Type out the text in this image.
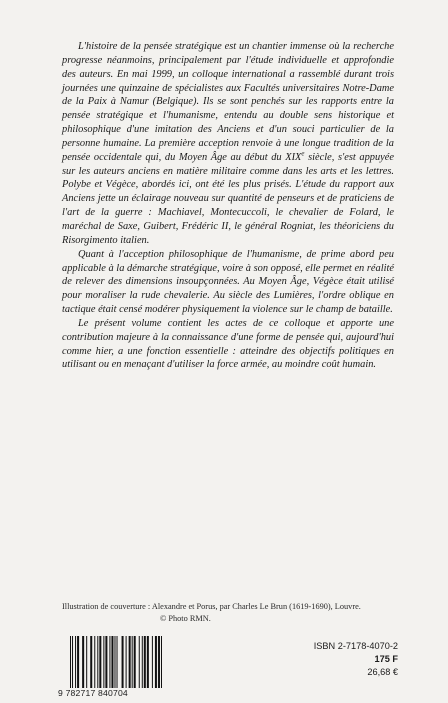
L'histoire de la pensée stratégique est un chantier immense où la recherche progresse néanmoins, principalement par l'étude individuelle et approfondie des auteurs. En mai 1999, un colloque international a rassemblé durant trois journées une quinzaine de spécialistes aux Facultés universitaires Notre-Dame de la Paix à Namur (Belgique). Ils se sont penchés sur les rapports entre la pensée stratégique et l'humanisme, entendu au double sens historique et philosophique d'une imitation des Anciens et d'un souci particulier de la personne humaine. La première acception renvoie à une longue tradition de la pensée occidentale qui, du Moyen Âge au début du XIXe siècle, s'est appuyée sur les auteurs anciens en matière militaire comme dans les arts et les lettres. Polybe et Végèce, abordés ici, ont été les plus prisés. L'étude du rapport aux Anciens jette un éclairage nouveau sur quantité de penseurs et de praticiens de l'art de la guerre : Machiavel, Montecuccoli, le chevalier de Folard, le maréchal de Saxe, Guibert, Frédéric II, le général Rogniat, les théoriciens du Risorgimento italien.

Quant à l'acception philosophique de l'humanisme, de prime abord peu applicable à la démarche stratégique, voire à son opposé, elle permet en réalité de relever des dimensions insoupçonnées. Au Moyen Âge, Végèce était utilisé pour moraliser la rude chevalerie. Au siècle des Lumières, l'ordre oblique en tactique était censé modérer physiquement la violence sur le champ de bataille.

Le présent volume contient les actes de ce colloque et apporte une contribution majeure à la connaissance d'une forme de pensée qui, aujourd'hui comme hier, a une fonction essentielle : atteindre des objectifs politiques en utilisant ou en menaçant d'utiliser la force armée, au moindre coût humain.

Illustration de couverture : Alexandre et Porus, par Charles Le Brun (1619-1690), Louvre.
© Photo RMN.
9 782717 840704
ISBN 2-7178-4070-2
175 F
26,68 €
